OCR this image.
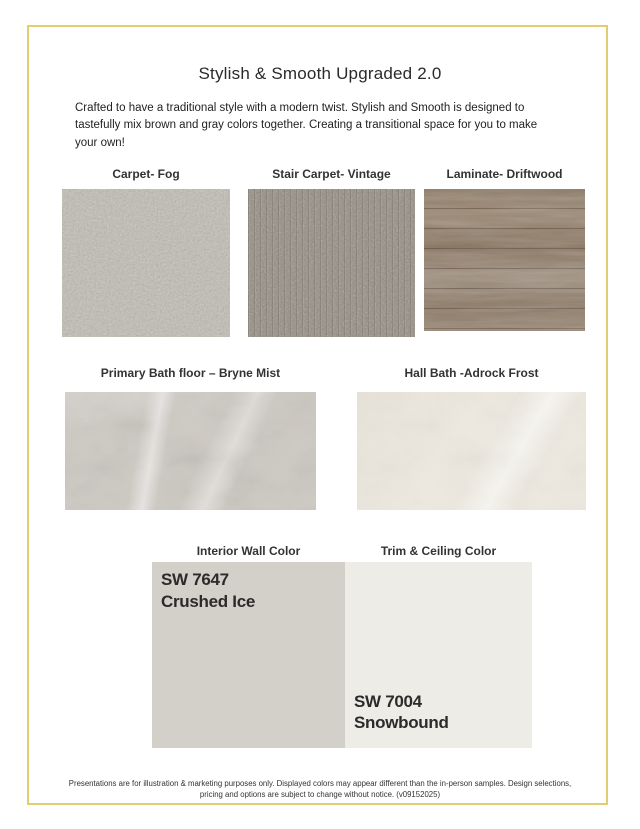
Stylish & Smooth Upgraded 2.0
Crafted to have a traditional style with a modern twist. Stylish and Smooth is designed to tastefully mix brown and gray colors together. Creating a transitional space for you to make your own!
Carpet- Fog	Stair Carpet- Vintage	Laminate- Driftwood
Primary Bath floor – Bryne Mist	Hall Bath -Adrock Frost
Interior Wall Color	Trim & Ceiling Color
SW 7647
Crushed Ice
SW 7004
Snowbound
Presentations are for illustration & marketing purposes only. Displayed colors may appear different than the in-person samples. Design selections, pricing and options are subject to change without notice. (v09152025)
